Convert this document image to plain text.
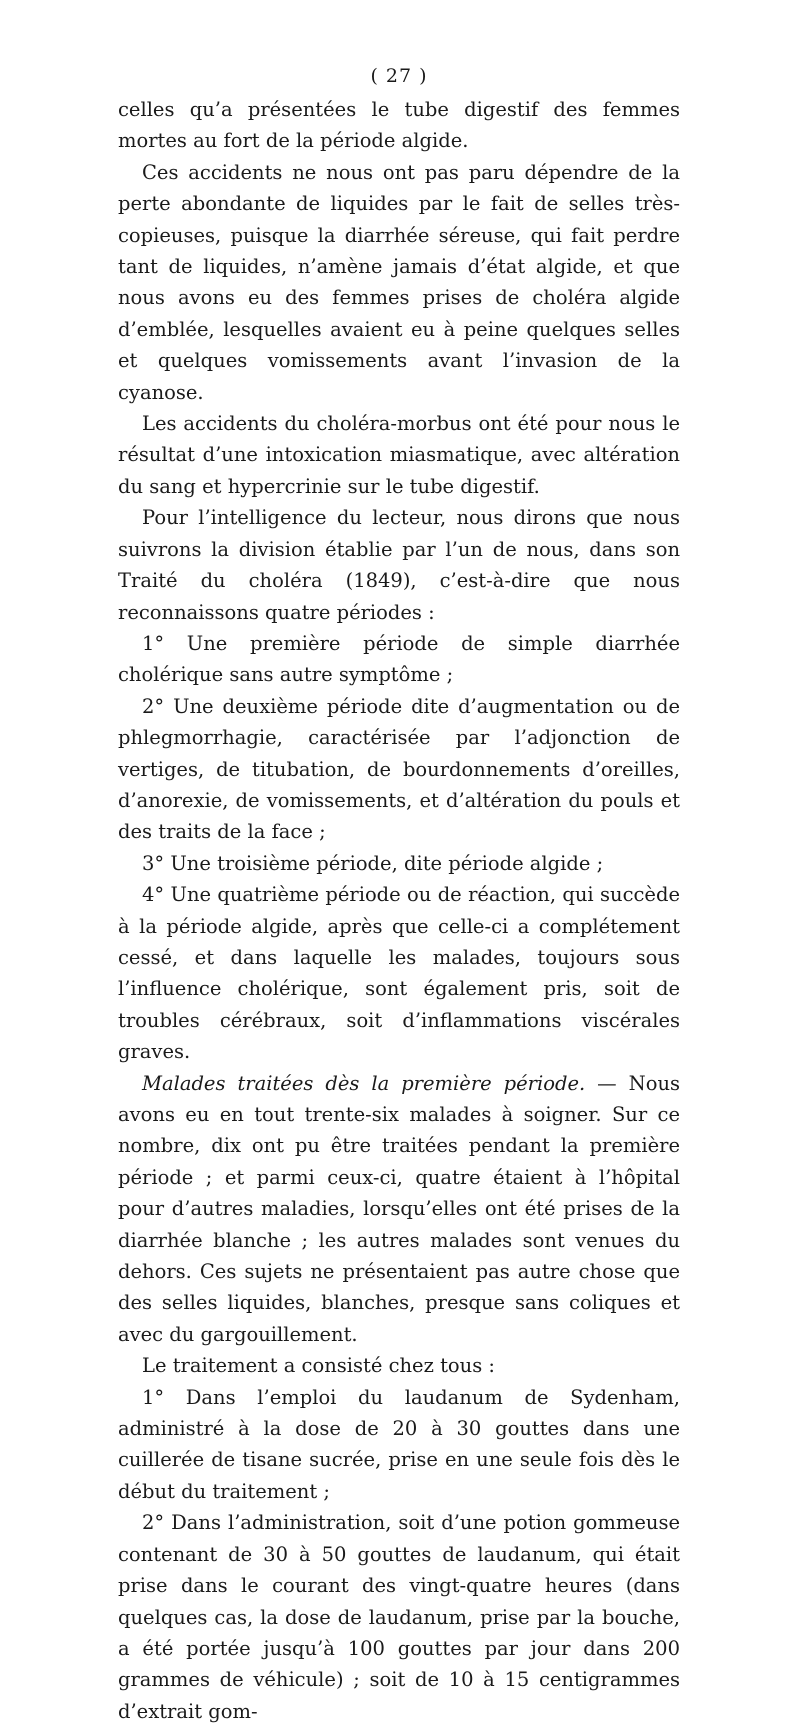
( 27 )

celles qu’a présentées le tube digestif des femmes mortes au fort de la période algide.

Ces accidents ne nous ont pas paru dépendre de la perte abondante de liquides par le fait de selles très-copieuses, puisque la diarrhée séreuse, qui fait perdre tant de liquides, n’amène jamais d’état algide, et que nous avons eu des femmes prises de choléra algide d’emblée, lesquelles avaient eu à peine quelques selles et quelques vomissements avant l’invasion de la cyanose.

Les accidents du choléra-morbus ont été pour nous le résultat d’une intoxication miasmatique, avec altération du sang et hypercrinie sur le tube digestif.

Pour l’intelligence du lecteur, nous dirons que nous suivrons la division établie par l’un de nous, dans son Traité du choléra (1849), c’est-à-dire que nous reconnaissons quatre périodes :

1° Une première période de simple diarrhée cholérique sans autre symptôme ;

2° Une deuxième période dite d’augmentation ou de phlegmorrhagie, caractérisée par l’adjonction de vertiges, de titubation, de bourdonnements d’oreilles, d’anorexie, de vomissements, et d’altération du pouls et des traits de la face ;

3° Une troisième période, dite période algide ;

4° Une quatrième période ou de réaction, qui succède à la période algide, après que celle-ci a complétement cessé, et dans laquelle les malades, toujours sous l’influence cholérique, sont également pris, soit de troubles cérébraux, soit d’inflammations viscérales graves.

Malades traitées dès la première période. — Nous avons eu en tout trente-six malades à soigner. Sur ce nombre, dix ont pu être traitées pendant la première période ; et parmi ceux-ci, quatre étaient à l’hôpital pour d’autres maladies, lorsqu’elles ont été prises de la diarrhée blanche ; les autres malades sont venues du dehors. Ces sujets ne présentaient pas autre chose que des selles liquides, blanches, presque sans coliques et avec du gargouillement.

Le traitement a consisté chez tous :

1° Dans l’emploi du laudanum de Sydenham, administré à la dose de 20 à 30 gouttes dans une cuillerée de tisane sucrée, prise en une seule fois dès le début du traitement ;

2° Dans l’administration, soit d’une potion gommeuse contenant de 30 à 50 gouttes de laudanum, qui était prise dans le courant des vingt-quatre heures (dans quelques cas, la dose de laudanum, prise par la bouche, a été portée jusqu’à 100 gouttes par jour dans 200 grammes de véhicule) ; soit de 10 à 15 centigrammes d’extrait gom-
